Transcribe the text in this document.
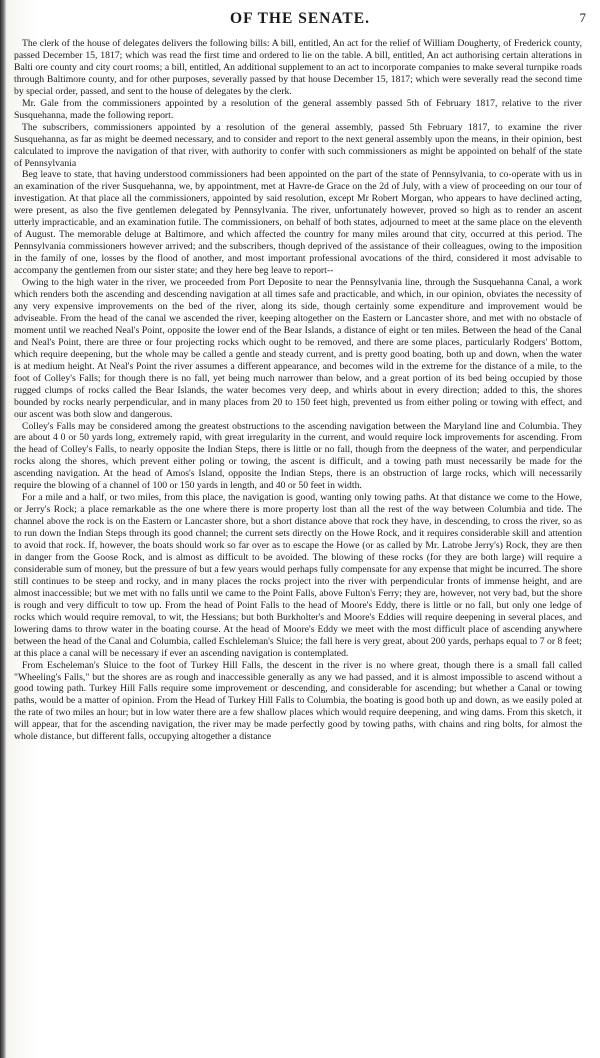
OF THE SENATE.	7

The clerk of the house of delegates delivers the following bills: A bill, entitled, An act for the relief of William Dougherty, of Frederick county, passed December 15, 1817; which was read the first time and ordered to lie on the table. A bill, entitled, An act authorising certain alterations in Balti ore county and city court rooms; a bill, entitled, An additional supplement to an act to incorporate companies to make several turnpike roads through Baltimore county, and for other purposes, severally passed by that house December 15, 1817; which were severally read the second time by special order, passed, and sent to the house of delegates by the clerk.

Mr. Gale from the commissioners appointed by a resolution of the general assembly passed 5th of February 1817, relative to the river Susquehanna, made the following report.

The subscribers, commissioners appointed by a resolution of the general assembly, passed 5th February 1817, to examine the river Susquehanna, as far as might be deemed necessary, and to consider and report to the next general assembly upon the means, in their opinion, best calculated to improve the navigation of that river, with authority to confer with such commissioners as might be appointed on behalf of the state of Pennsylvania

Beg leave to state, that having understood commissioners had been appointed on the part of the state of Pennsylvania, to co-operate with us in an examination of the river Susquehanna, we, by appointment, met at Havre-de Grace on the 2d of July, with a view of proceeding on our tour of investigation. At that place all the commissioners, appointed by said resolution, except Mr Robert Morgan, who appears to have declined acting, were present, as also the five gentlemen delegated by Pennsylvania. The river, unfortunately however, proved so high as to render an ascent utterly impracticable, and an examination futile. The commissioners, on behalf of both states, adjourned to meet at the same place on the eleventh of August. The memorable deluge at Baltimore, and which affected the country for many miles around that city, occurred at this period. The Pennsylvania commissioners however arrived; and the subscribers, though deprived of the assistance of their colleagues, owing to the imposition in the family of one, losses by the flood of another, and most important professional avocations of the third, considered it most advisable to accompany the gentlemen from our sister state; and they here beg leave to report--

Owing to the high water in the river, we proceeded from Port Deposite to near the Pennsylvania line, through the Susquehanna Canal, a work which renders both the ascending and descending navigation at all times safe and practicable, and which, in our opinion, obviates the necessity of any very expensive improvements on the bed of the river, along its side, though certainly some expenditure and improvement would be adviseable. From the head of the canal we ascended the river, keeping altogether on the Eastern or Lancaster shore, and met with no obstacle of moment until we reached Neal's Point, opposite the lower end of the Bear Islands, a distance of eight or ten miles. Between the head of the Canal and Neal's Point, there are three or four projecting rocks which ought to be removed, and there are some places, particularly Rodgers' Bottom, which require deepening, but the whole may be called a gentle and steady current, and is pretty good boating, both up and down, when the water is at medium height. At Neal's Point the river assumes a different appearance, and becomes wild in the extreme for the distance of a mile, to the foot of Colley's Falls; for though there is no fall, yet being much narrower than below, and a great portion of its bed being occupied by those rugged clumps of rocks called the Bear Islands, the water becomes very deep, and whirls about in every direction; added to this, the shores bounded by rocks nearly perpendicular, and in many places from 20 to 150 feet high, prevented us from either poling or towing with effect, and our ascent was both slow and dangerous.

Colley's Falls may be considered among the greatest obstructions to the ascending navigation between the Maryland line and Columbia. They are about 4 0 or 50 yards long, extremely rapid, with great irregularity in the current, and would require lock improvements for ascending. From the head of Colley's Falls, to nearly opposite the Indian Steps, there is little or no fall, though from the deepness of the water, and perpendicular rocks along the shores, which prevent either poling or towing, the ascent is difficult, and a towing path must necessarily be made for the ascending navigation. At the head of Amos's Island, opposite the Indian Steps, there is an obstruction of large rocks, which will necessarily require the blowing of a channel of 100 or 150 yards in length, and 40 or 50 feet in width.

For a mile and a half, or two miles, from this place, the navigation is good, wanting only towing paths. At that distance we come to the Howe, or Jerry's Rock; a place remarkable as the one where there is more property lost than all the rest of the way between Columbia and tide. The channel above the rock is on the Eastern or Lancaster shore, but a short distance above that rock they have, in descending, to cross the river, so as to run down the Indian Steps through its good channel; the current sets directly on the Howe Rock, and it requires considerable skill and attention to avoid that rock. If, however, the boats should work so far over as to escape the Howe (or as called by Mr. Latrobe Jerry's) Rock, they are then in danger from the Goose Rock, and is almost as difficult to be avoided. The blowing of these rocks (for they are both large) will require a considerable sum of money, but the pressure of but a few years would perhaps fully compensate for any expense that might be incurred. The shore still continues to be steep and rocky, and in many places the rocks project into the river with perpendicular fronts of immense height, and are almost inaccessible; but we met with no falls until we came to the Point Falls, above Fulton's Ferry; they are, however, not very bad, but the shore is rough and very difficult to tow up. From the head of Point Falls to the head of Moore's Eddy, there is little or no fall, but only one ledge of rocks which would require removal, to wit, the Hessians; but both Burkholter's and Moore's Eddies will require deepening in several places, and lowering dams to throw water in the boating course. At the head of Moore's Eddy we meet with the most difficult place of ascending anywhere between the head of the Canal and Columbia, called Eschleleman's Sluice; the fall here is very great, about 200 yards, perhaps equal to 7 or 8 feet; at this place a canal will be necessary if ever an ascending navigation is contemplated.

From Escheleman's Sluice to the foot of Turkey Hill Falls, the descent in the river is no where great, though there is a small fall called "Wheeling's Falls," but the shores are as rough and inaccessible generally as any we had passed, and it is almost impossible to ascend without a good towing path. Turkey Hill Falls require some improvement or descending, and considerable for ascending; but whether a Canal or towing paths, would be a matter of opinion. From the Head of Turkey Hill Falls to Columbia, the boating is good both up and down, as we easily poled at the rate of two miles an hour; but in low water there are a few shallow places which would require deepening, and wing dams. From this sketch, it will appear, that for the ascending navigation, the river may be made perfectly good by towing paths, with chains and ring bolts, for almost the whole distance, but different falls, occupying altogether a distance
